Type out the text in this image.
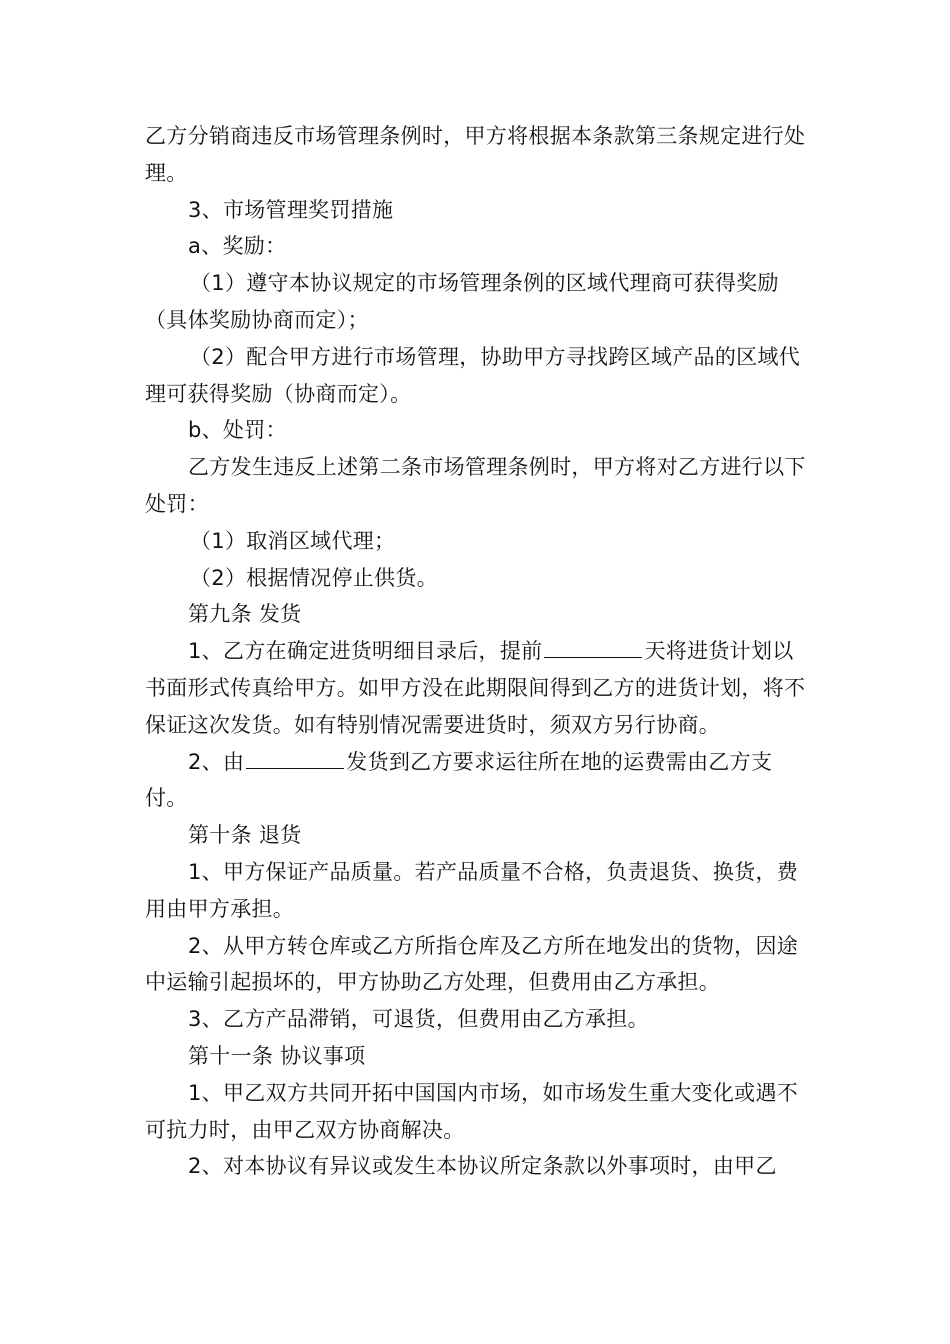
乙方分销商违反市场管理条例时，甲方将根据本条款第三条规定进行处理。

3、市场管理奖罚措施

a、奖励：

（1）遵守本协议规定的市场管理条例的区域代理商可获得奖励（具体奖励协商而定）；

（2）配合甲方进行市场管理，协助甲方寻找跨区域产品的区域代理可获得奖励（协商而定）。

b、处罚：

乙方发生违反上述第二条市场管理条例时，甲方将对乙方进行以下处罚：

（1）取消区域代理；

（2）根据情况停止供货。

第九条 发货

1、乙方在确定进货明细目录后，提前	天将进货计划以书面形式传真给甲方。如甲方没在此期限间得到乙方的进货计划，将不保证这次发货。如有特别情况需要进货时，须双方另行协商。

2、由	发货到乙方要求运往所在地的运费需由乙方支付。

第十条 退货

1、甲方保证产品质量。若产品质量不合格，负责退货、换货，费用由甲方承担。

2、从甲方转仓库或乙方所指仓库及乙方所在地发出的货物，因途中运输引起损坏的，甲方协助乙方处理，但费用由乙方承担。

3、乙方产品滞销，可退货，但费用由乙方承担。

第十一条 协议事项

1、甲乙双方共同开拓中国国内市场，如市场发生重大变化或遇不可抗力时，由甲乙双方协商解决。

2、对本协议有异议或发生本协议所定条款以外事项时，由甲乙
